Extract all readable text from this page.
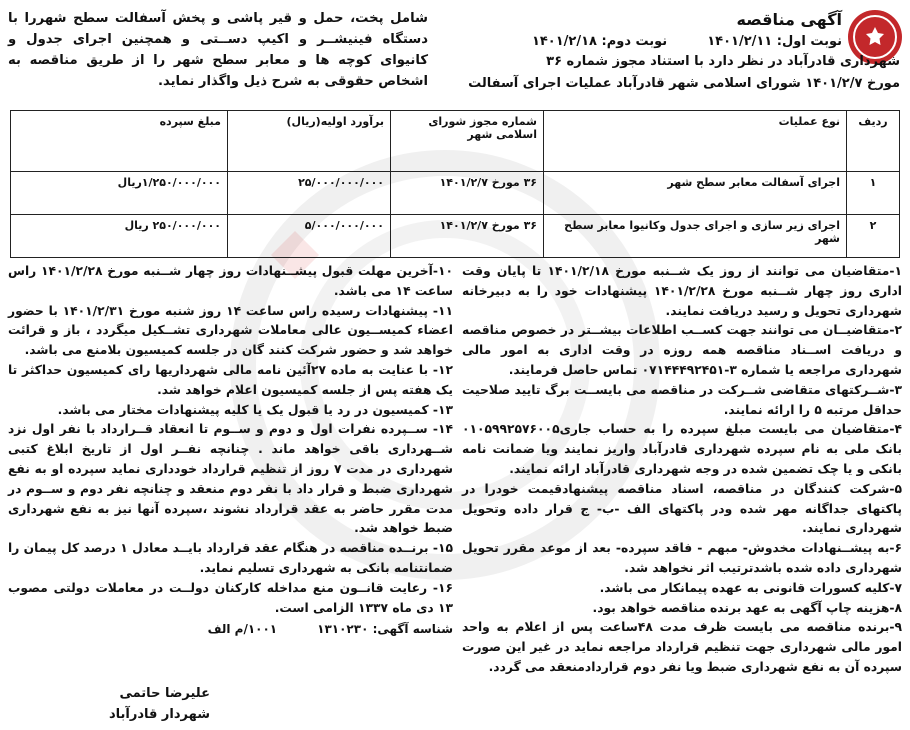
آگهی مناقصه
نوبت اول: ۱۴۰۱/۲/۱۱
نوبت دوم: ۱۴۰۱/۲/۱۸
شهرداری قادرآباد در نظر دارد با استناد مجوز شماره ۳۶
مورخ ۱۴۰۱/۲/۷ شورای اسلامی شهر قادرآباد عملیات اجرای آسفالت
شامل پخت، حمل و قیر پاشی و پخش آسفالت سطح شهررا با دستگاه فینیشــر و اکیپ دســتی و همچنین اجرای جدول و کانیوای کوچه ها و معابر سطح شهر را از طریق مناقصه به اشخاص حقوقی به شرح ذیل واگذار نماید.
ردیف	نوع عملیات	شماره مجوز شورای اسلامی شهر	برآورد اولیه(ریال)	مبلغ سپرده
۱	اجرای آسفالت معابر سطح شهر	۳۶ مورخ ۱۴۰۱/۲/۷	۲۵/۰۰۰/۰۰۰/۰۰۰	۱/۲۵۰/۰۰۰/۰۰۰ریال
۲	اجرای زیر سازی و اجرای جدول وکانیوا معابر سطح شهر	۳۶ مورخ ۱۴۰۱/۲/۷	۵/۰۰۰/۰۰۰/۰۰۰	۲۵۰/۰۰۰/۰۰۰ ریال

۱-متقاضیان می توانند از روز یک شــنبه مورخ ۱۴۰۱/۲/۱۸ تا پایان وقت اداری روز چهار شــنبه مورخ ۱۴۰۱/۲/۲۸ پیشنهادات خود را به دبیرخانه شهرداری تحویل و رسید دریافت نمایند.

۲-متقاضیــان می توانند جهت کســب اطلاعات بیشــتر در خصوص مناقصه و دریافت اســناد مناقصه همه روزه در وقت اداری به امور مالی شهرداری مراجعه یا شماره ۳-۰۷۱۴۴۴۹۲۴۵۱ تماس حاصل فرمایند.

۳-شــرکتهای متقاضی شــرکت در مناقصه می بایســت برگ تایید صلاحیت حداقل مرتبه ۵ را ارائه نمایند.

۴-متقاضیان می بایست مبلغ سپرده را به حساب جاری۰۱۰۵۹۹۲۵۷۶۰۰۵ بانک ملی به نام سپرده شهرداری قادرآباد واریز نمایند ویا ضمانت نامه بانکی و یا چک تضمین شده در وجه شهرداری قادرآباد ارائه نمایند.

۵-شرکت کنندگان در مناقصه، اسناد مناقصه پیشنهادقیمت خودرا در پاکتهای جداگانه مهر شده ودر پاکتهای الف -ب- ج قرار داده وتحویل شهرداری نمایند.

۶-به پیشــنهادات مخدوش- مبهم - فاقد سپرده- بعد از موعد مقرر تحویل شهرداری داده شده باشدترتیب اثر نخواهد شد.

۷-کلیه کسورات قانونی به عهده پیمانکار می باشد.

۸-هزینه چاپ آگهی به عهد برنده مناقصه خواهد بود.

۹-برنده مناقصه می بایست ظرف مدت ۴۸ساعت پس از اعلام به واحد امور مالی شهرداری جهت تنظیم قرارداد مراجعه نماید در غیر این صورت سپرده آن به نفع شهرداری ضبط ویا نفر دوم قراردادمنعقد می گردد.

۱۰-آخرین مهلت قبول پیشــنهادات روز چهار شــنبه مورخ ۱۴۰۱/۲/۲۸ راس ساعت ۱۴ می باشد.

۱۱- پیشنهادات رسیده راس ساعت ۱۴ روز شنبه مورخ ۱۴۰۱/۲/۳۱ با حضور اعضاء کمیســیون عالی معاملات شهرداری تشــکیل میگردد ، باز و قرائت خواهد شد و حضور شرکت کنند گان در جلسه کمیسیون بلامنع می باشد.

۱۲- با عنایت به ماده ۲۷آئین نامه مالی شهرداریها رای کمیسیون حداکثر تا یک هفته پس از جلسه کمیسیون اعلام خواهد شد.

۱۳- کمیسیون در رد یا قبول یک یا کلیه پیشنهادات مختار می باشد.

۱۴- ســپرده نفرات اول و دوم و ســوم تا انعقاد قــرارداد با نفر اول نزد شــهرداری باقی خواهد ماند . چنانچه نفــر اول از تاریخ ابلاغ کتبی شهرداری در مدت ۷ روز از تنظیم قرارداد خودداری نماید سپرده او به نفع شهرداری ضبط و قرار داد با نفر دوم منعقد و چنانچه نفر دوم و ســوم در مدت مقرر حاضر به عقد قرارداد نشوند ،سپرده آنها نیز به نفع شهرداری ضبط خواهد شد.

۱۵- برنــده مناقصه در هنگام عقد قرارداد بایــد معادل ۱ درصد کل پیمان را ضمانتنامه بانکی به شهرداری تسلیم نماید.

۱۶- رعایت قانــون منع مداخله کارکنان دولــت در معاملات دولتی مصوب ۱۳ دی ماه ۱۳۳۷ الزامی است.

شناسه آگهی: ۱۳۱۰۲۳۰
۱۰۰۱/م الف
علیرضا حاتمی
شهردار قادرآباد
